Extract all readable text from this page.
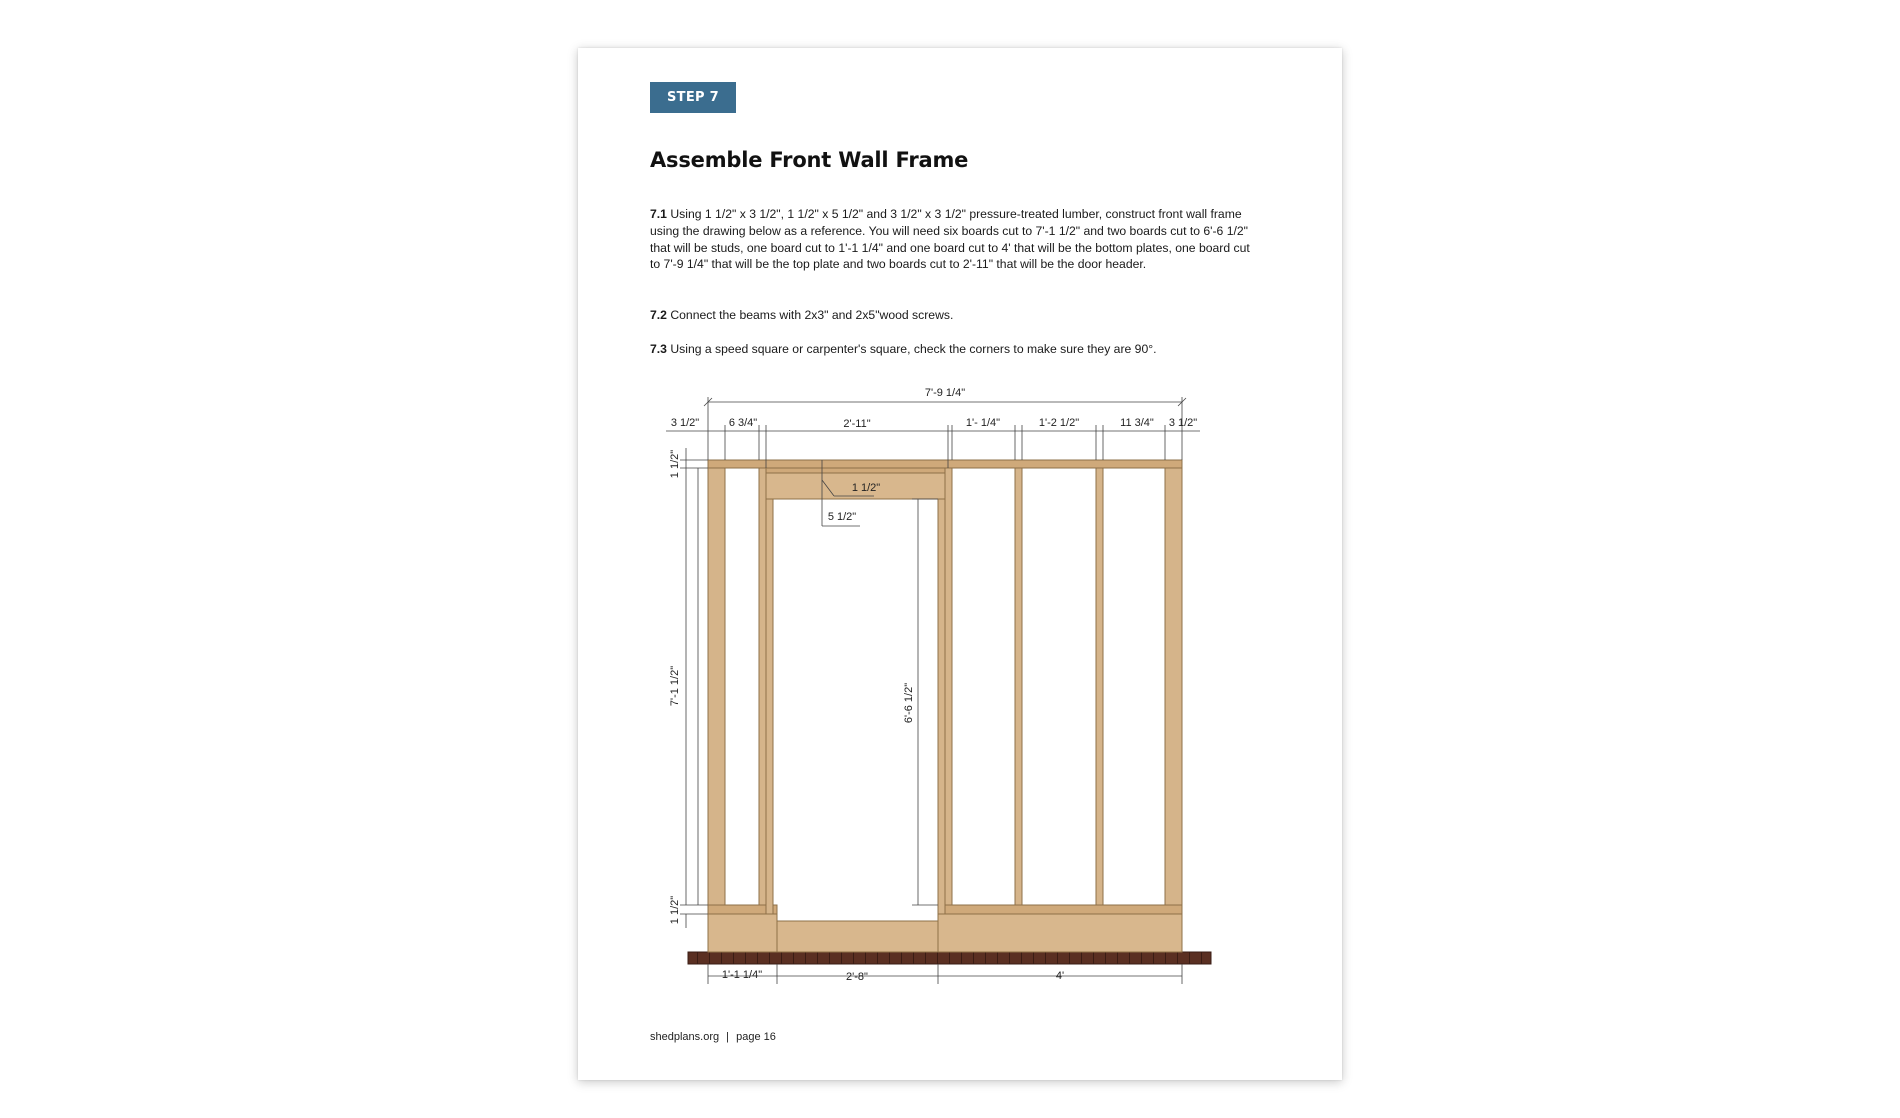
STEP 7
Assemble Front Wall Frame

7.1 Using 1 1/2" x 3 1/2", 1 1/2" x 5 1/2" and 3 1/2" x 3 1/2" pressure-treated lumber, construct front wall frame using the drawing below as a reference. You will need six boards cut to 7'-1 1/2" and two boards cut to 6'-6 1/2" that will be studs, one board cut to 1'-1 1/4" and one board cut to 4' that will be the bottom plates, one board cut to 7'-9 1/4" that will be the top plate and two boards cut to 2'-11" that will be the door header.

7.2 Connect the beams with 2x3" and 2x5"wood screws.

7.3 Using a speed square or carpenter's square, check the corners to make sure they are 90°.

7'-9 1/4"
3 1/2"	6 3/4"	2'-11"	1'- 1/4"	1'-2 1/2"	11 3/4" 3 1/2"
1 1/2"
7'-1 1/2"
1 1/2"
6'-6 1/2"
1 1/2"
5 1/2"
1'-1 1/4"	2'-8"	4'
shedplans.org | page 16
